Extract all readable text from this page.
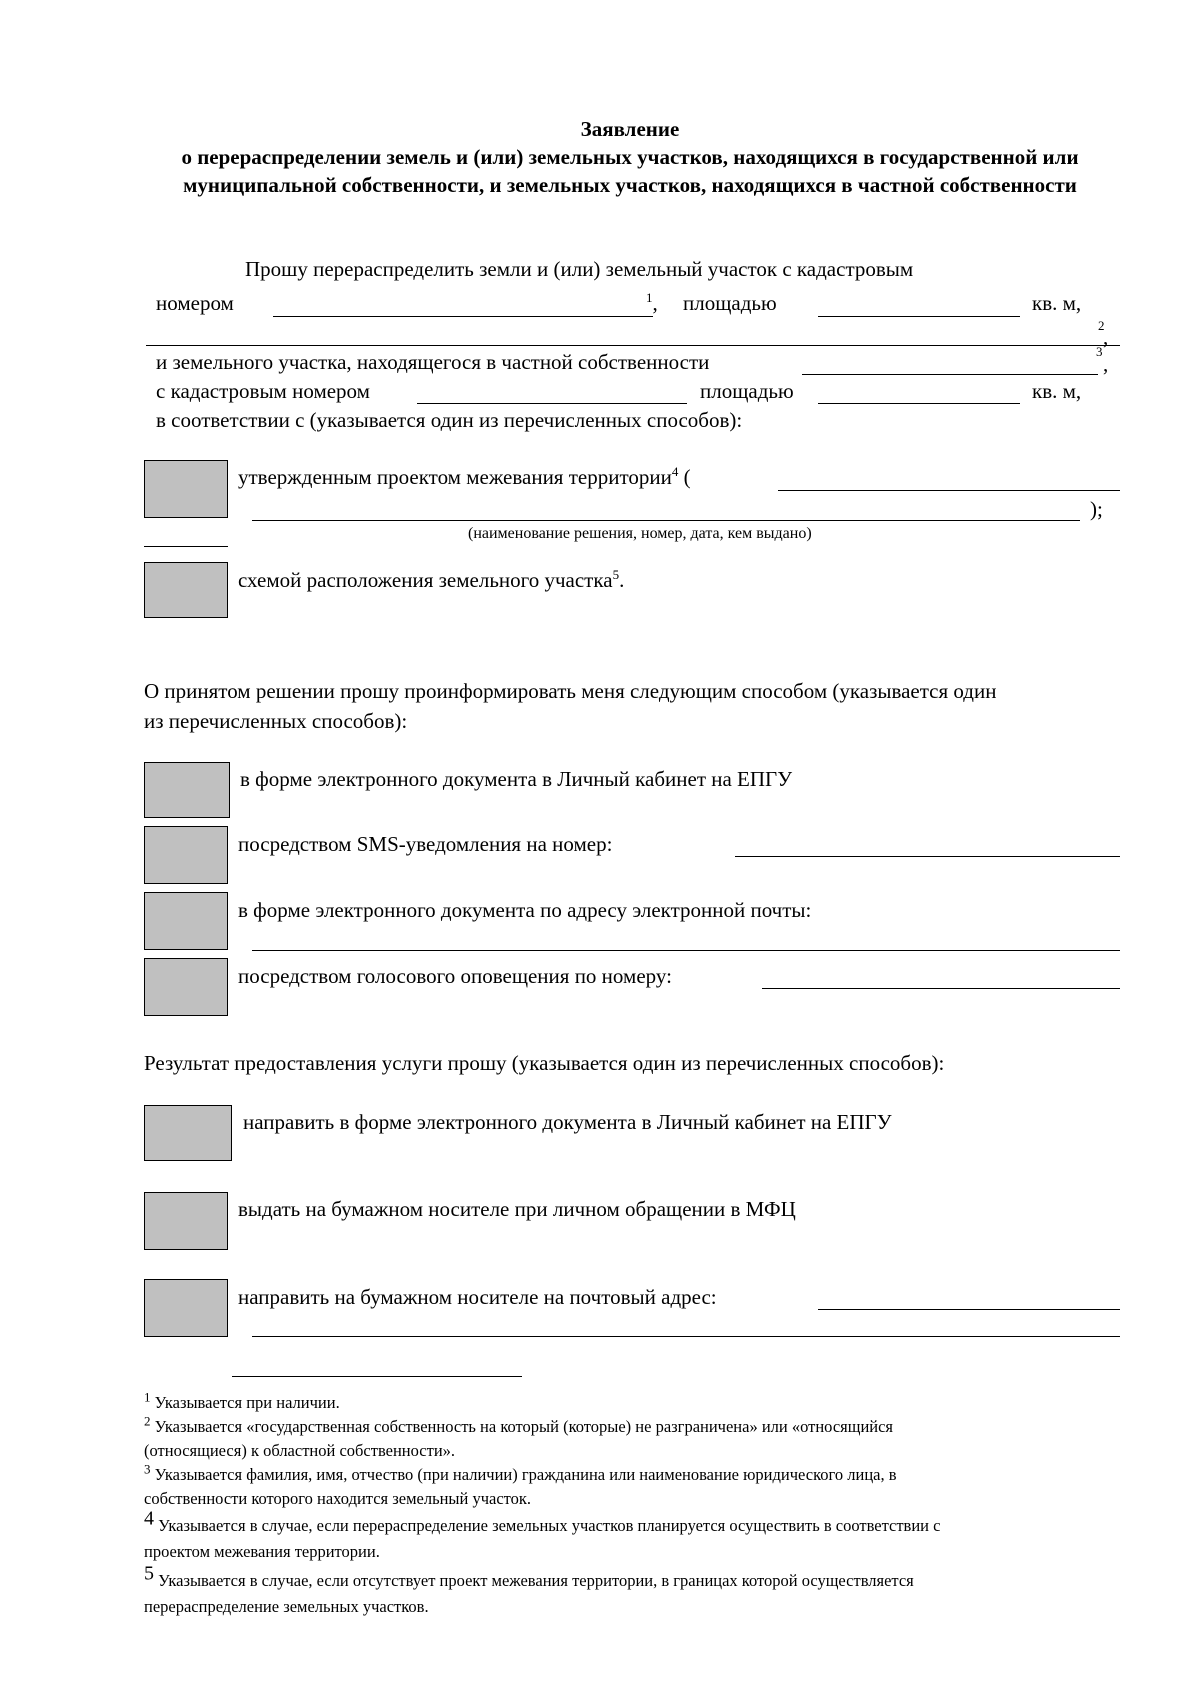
Заявление
о перераспределении земель и (или) земельных участков, находящихся в государственной или муниципальной собственности, и земельных участков, находящихся в частной собственности
Прошу перераспределить земли и (или) земельный участок с кадастровым
номером	$^1$, площадью	кв. м,
2
,
и земельного участка, находящегося в частной собственности	3
,
с кадастровым номером	площадью	кв. м,
в соответствии с (указывается один из перечисленных способов):
утвержденным проектом межевания территории$^4$ (
);
(наименование решения, номер, дата, кем выдано)
схемой расположения земельного участка$^5$.
О принятом решении прошу проинформировать меня следующим способом (указывается один
из перечисленных способов):
в форме электронного документа в Личный кабинет на ЕПГУ
посредством SMS-уведомления на номер:
в форме электронного документа по адресу электронной почты:
посредством голосового оповещения по номеру:
Результат предоставления услуги прошу (указывается один из перечисленных способов):
направить в форме электронного документа в Личный кабинет на ЕПГУ
выдать на бумажном носителе при личном обращении в МФЦ
направить на бумажном носителе на почтовый адрес:
$^1$ Указывается при наличии.
$^2$ Указывается «государственная собственность на который (которые) не разграничена» или «относящийся
(относящиеся) к областной собственности».
$^3$ Указывается фамилия, имя, отчество (при наличии) гражданина или наименование юридического лица, в
собственности которого находится земельный участок.
4 Указывается в случае, если перераспределение земельных участков планируется осуществить в соответствии с
проектом межевания территории.
5 Указывается в случае, если отсутствует проект межевания территории, в границах которой осуществляется
перераспределение земельных участков.
